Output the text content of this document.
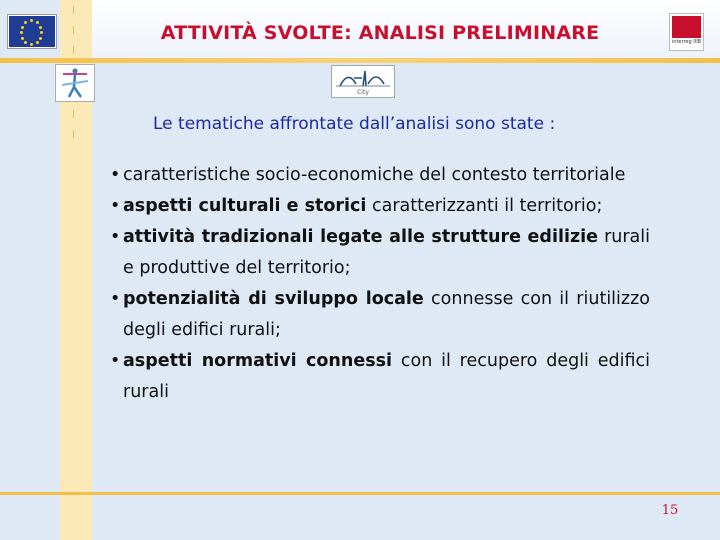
ATTIVITÀ SVOLTE: ANALISI PRELIMINARE	interreg IIIB
City
Le tematiche affrontate dall’analisi sono state :
• caratteristiche socio-economiche del contesto territoriale
• aspetti culturali e storici caratterizzanti il territorio;
• attività tradizionali legate alle strutture edilizie rurali e produttive del territorio;
• potenzialità di sviluppo locale connesse con il riutilizzo degli edifici rurali;
• aspetti normativi connessi con il recupero degli edifici rurali
15
